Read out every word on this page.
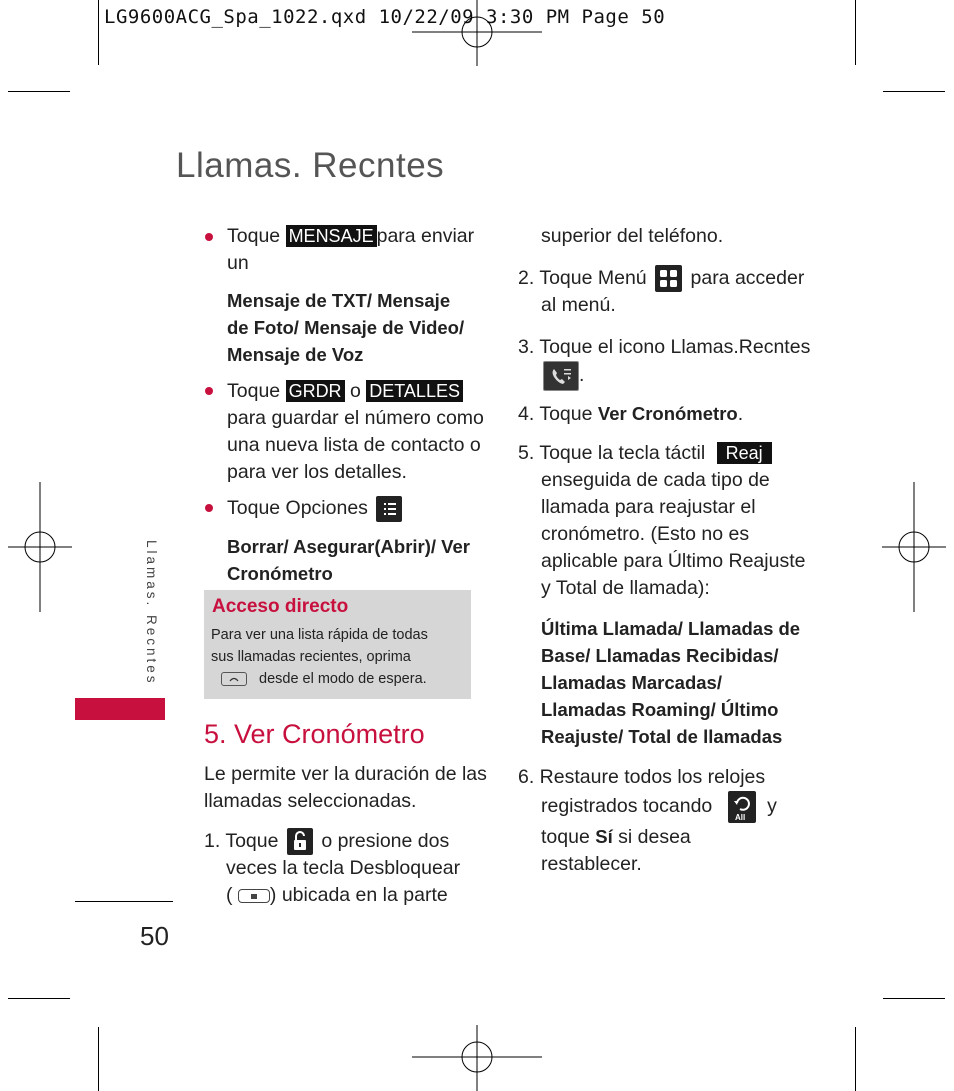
LG9600ACG_Spa_1022.qxd 10/22/09 3:30 PM Page 50
Llamas. Recntes
Llamas. Recntes
Toque MENSAJE para enviar
un
Mensaje de TXT/ Mensaje
de Foto/ Mensaje de Video/
Mensaje de Voz
Toque GRDR o DETALLES
para guardar el número como
una nueva lista de contacto o
para ver los detalles.
Toque Opciones
Borrar/ Asegurar(Abrir)/ Ver
Cronómetro
Acceso directo
Para ver una lista rápida de todas
sus llamadas recientes, oprima
desde el modo de espera.
5. Ver Cronómetro
Le permite ver la duración de las
llamadas seleccionadas.
1. Toque o presione dos
veces la tecla Desbloquear
( ) ubicada en la parte
50
superior del teléfono.
2. Toque Menú para acceder
al menú.
3. Toque el icono Llamas.Recntes
.
4. Toque Ver Cronómetro.
5. Toque la tecla táctil Reaj
enseguida de cada tipo de
llamada para reajustar el
cronómetro. (Esto no es
aplicable para Último Reajuste
y Total de llamada):
Última Llamada/ Llamadas de
Base/ Llamadas Recibidas/
Llamadas Marcadas/
Llamadas Roaming/ Último
Reajuste/ Total de llamadas
6. Restaure todos los relojes
registrados tocando
All
y
toque Sí si desea
restablecer.
